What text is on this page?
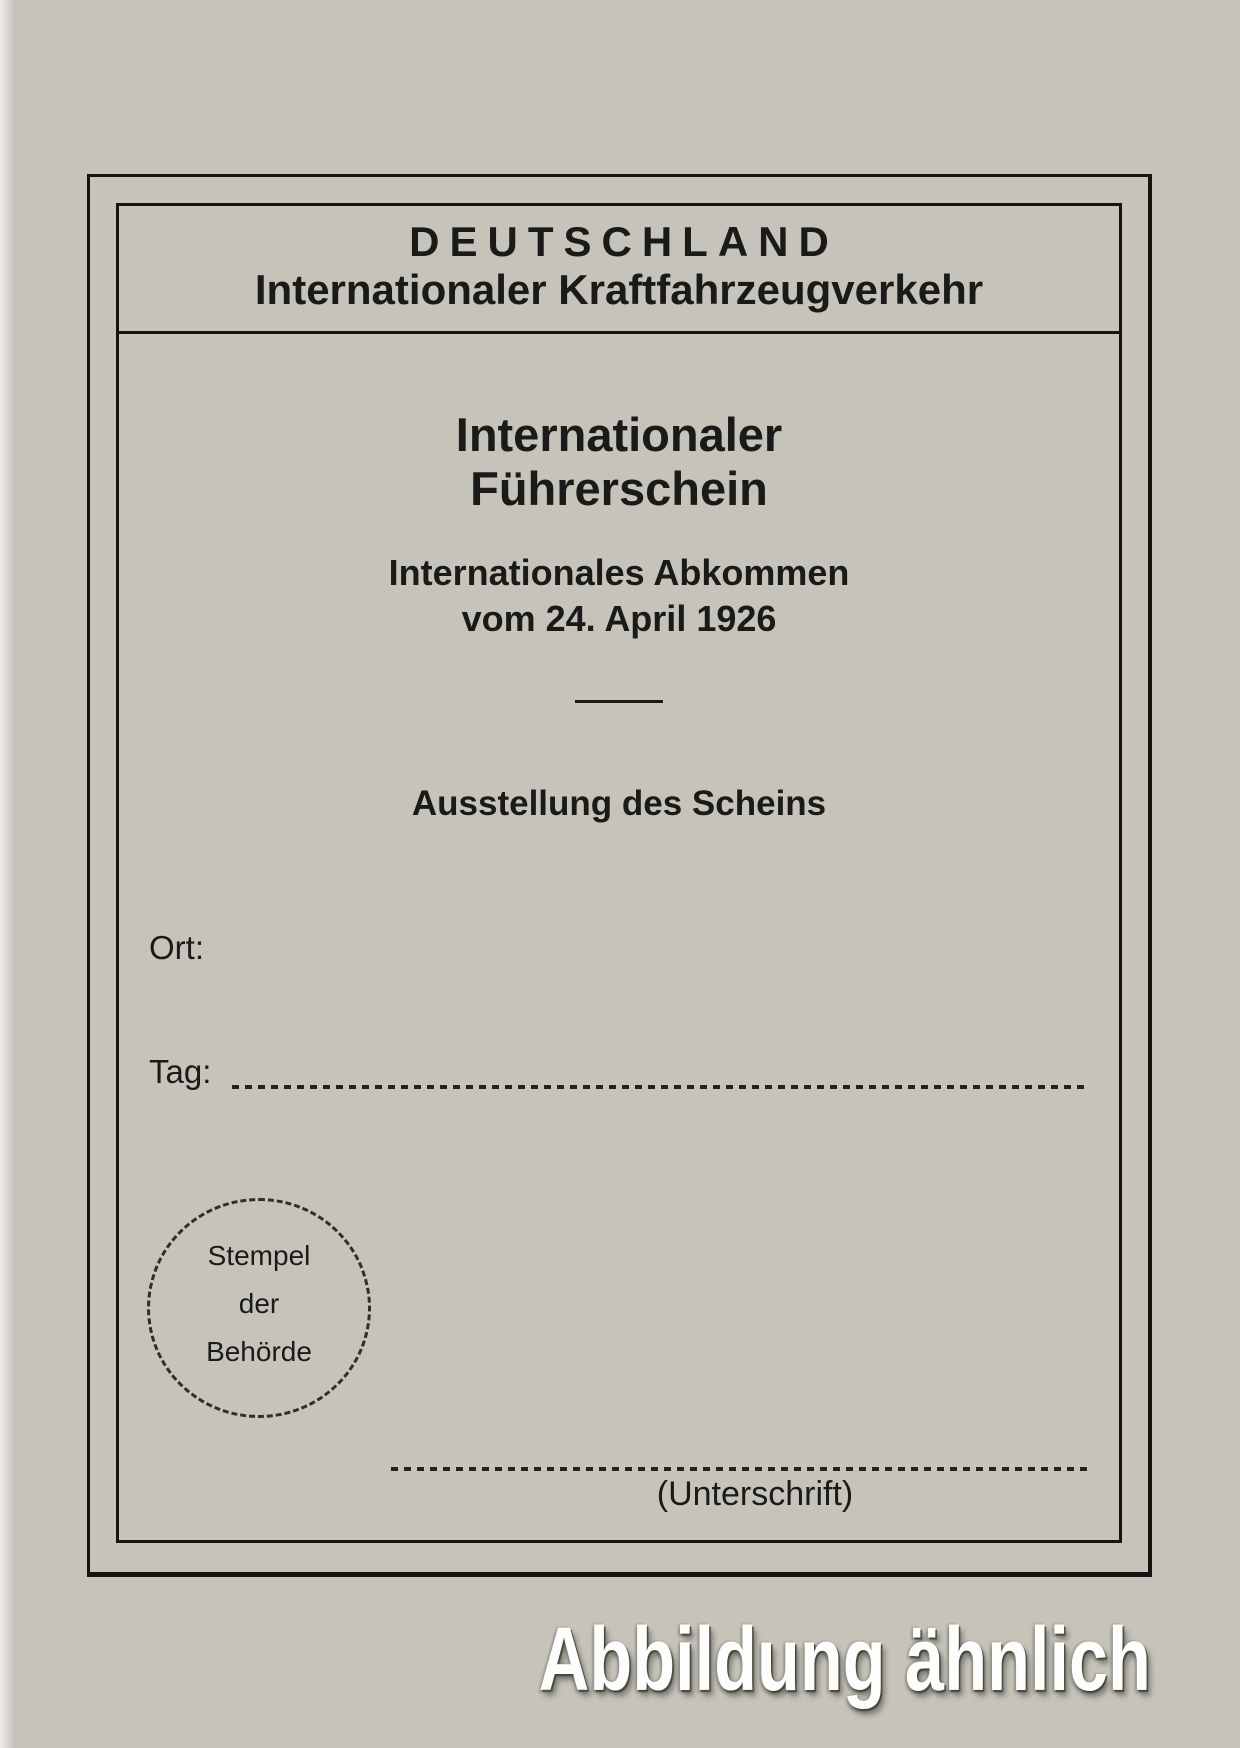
DEUTSCHLAND
Internationaler Kraftfahrzeugverkehr
Internationaler
Führerschein
Internationales Abkommen
vom 24. April 1926
Ausstellung des Scheins
Ort:
Tag:
Stempel
der
Behörde
(Unterschrift)
Abbildung ähnlich
